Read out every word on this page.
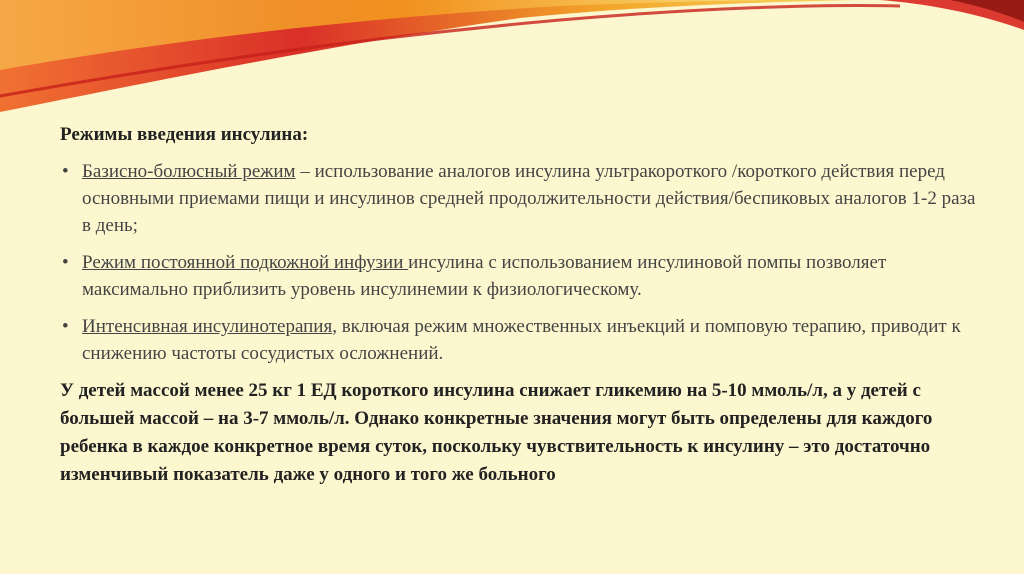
Режимы введения инсулина:
• Базисно-болюсный режим – использование аналогов инсулина ультракороткого /короткого действия перед основными приемами пищи и инсулинов средней продолжительности действия/беспиковых аналогов 1-2 раза в день;
• Режим постоянной подкожной инфузии инсулина с использованием инсулиновой помпы позволяет максимально приблизить уровень инсулинемии к физиологическому.
• Интенсивная инсулинотерапия, включая режим множественных инъекций и помповую терапию, приводит к снижению частоты сосудистых осложнений.
У детей массой менее 25 кг 1 ЕД короткого инсулина снижает гликемию на 5-10 ммоль/л, а у детей с большей массой – на 3-7 ммоль/л. Однако конкретные значения могут быть определены для каждого ребенка в каждое конкретное время суток, поскольку чувствительность к инсулину – это достаточно изменчивый показатель даже у одного и того же больного
